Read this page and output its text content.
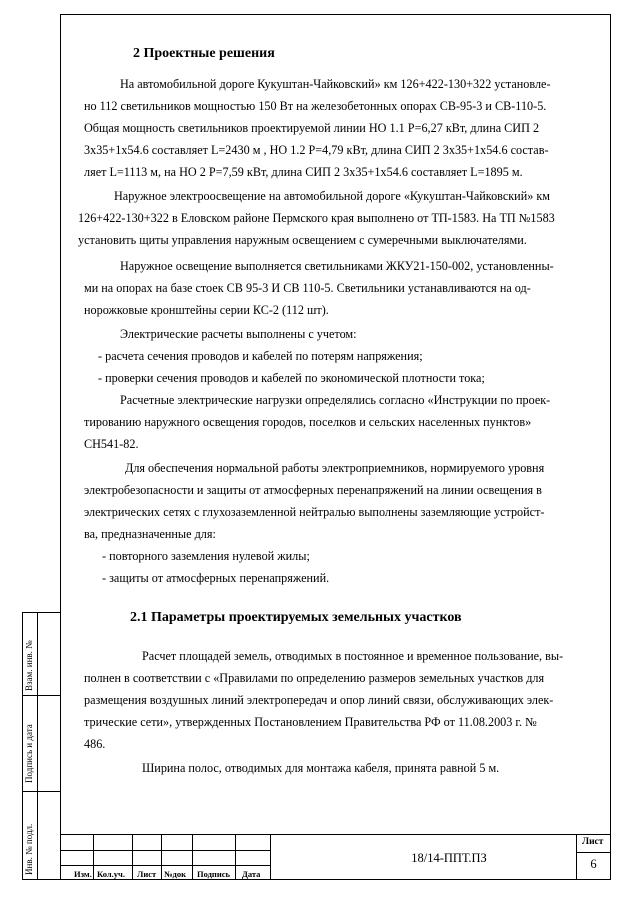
2 Проектные решения

На автомобильной дороге Кукуштан-Чайковский» км 126+422-130+322 установле-

но 112 светильников мощностью 150 Вт на железобетонных опорах СВ-95-3 и СВ-110-5.

Общая мощность светильников проектируемой линии НО 1.1 Р=6,27 кВт, длина СИП 2

3х35+1х54.6 составляет L=2430 м , НО 1.2 Р=4,79 кВт, длина СИП 2 3х35+1х54.6 состав-

ляет L=1113 м, на НО 2 Р=7,59 кВт, длина СИП 2 3х35+1х54.6 составляет L=1895 м.

Наружное электроосвещение на автомобильной дороге «Кукуштан-Чайковский» км

126+422-130+322 в Еловском районе Пермского края выполнено от ТП-1583. На ТП №1583

установить щиты управления наружным освещением с сумеречными выключателями.

Наружное освещение выполняется светильниками ЖКУ21-150-002, установленны-

ми на опорах на базе стоек СВ 95-3 И СВ 110-5. Светильники устанавливаются на од-

норожковые кронштейны серии КС-2 (112 шт).

Электрические расчеты выполнены с учетом:

- расчета сечения проводов и кабелей по потерям напряжения;

- проверки сечения проводов и кабелей по экономической плотности тока;

Расчетные электрические нагрузки определялись согласно «Инструкции по проек-

тированию наружного освещения городов, поселков и сельских населенных пунктов»

СН541-82.

Для обеспечения нормальной работы электроприемников, нормируемого уровня

электробезопасности и защиты от атмосферных перенапряжений на линии освещения в

электрических сетях с глухозаземленной нейтралью выполнены заземляющие устройст-

ва, предназначенные для:

- повторного заземления нулевой жилы;

- защиты от атмосферных перенапряжений.

2.1 Параметры проектируемых земельных участков

Расчет площадей земель, отводимых в постоянное и временное пользование, вы-

полнен в соответствии с «Правилами по определению размеров земельных участков для

размещения воздушных линий электропередач и опор линий связи, обслуживающих элек-

трические сети», утвержденных Постановлением Правительства РФ от 11.08.2003 г. №

486.

Ширина полос, отводимых для монтажа кабеля, принята равной 5 м.

Взам. инв. №
Подпись и дата
Инв. № подл.	Изм. Кол.уч. Лист №док Подпись Дата
18/14-ППТ.ПЗ
Лист
6
